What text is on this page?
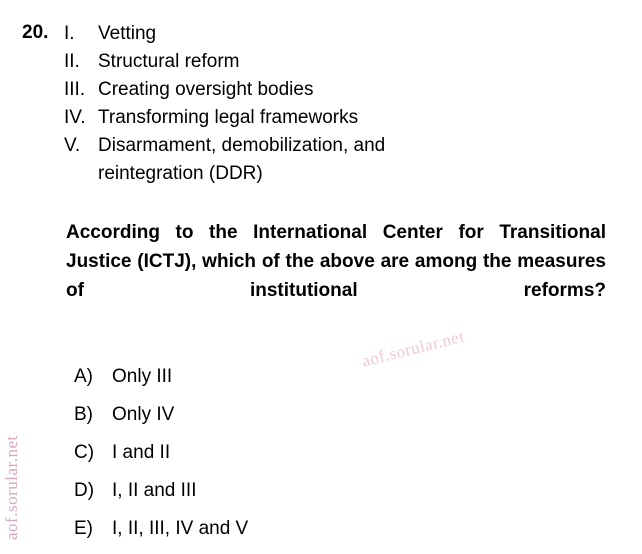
20. I.	Vetting
II. Structural reform
III. Creating oversight bodies
IV. Transforming legal frameworks
V. Disarmament, demobilization, and
reintegration (DDR)
According to the International Center for Transitional Justice (ICTJ), which of the above are among the measures of institutional reforms?
A)	Only III
B)	Only IV
C) I and II
D) I, II and III
E)	I, II, III, IV and V
aof.sorular.net
aof.sorular.net
